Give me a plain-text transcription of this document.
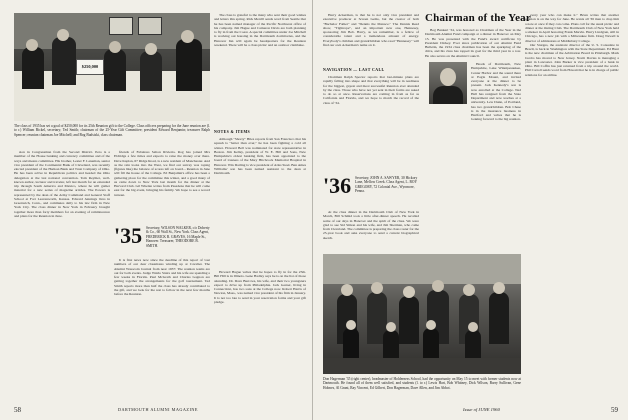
$250,000
The class of 1935 has set a goal of $250,000 for its 25th Reunion gift to the College. Class officers preparing for the June reunion are (l. to r.) William Bickel, secretary; Ted Smith; chairman of the 25-Year Gift Committee; president Edward Benjamin; treasurer Ralph Spencer; reunion chairman Joe Mitchell; and Bog Budsiski, class chairman.

sion in Congressman from the Second District. Pero is a member of the House banking and currency committee and of the ways and means committee. His brother, Lester F. Laneman, senior vice president of the Continental Bank of Cleveland, was recently elected president of the Hudson Bank and Trust Company of Ohio. He has been active in Republican politics and headed the Ohio delegation at the last national convention. Tom Reymer, well-known author, lecturer and traveler, left last month for an extended trip through South America and Mexico, where he will gather material for a new series of magazine articles. The Powers is represented by the dean of the Army Command and General Staff School at Fort Leavenworth, Kansas. Edward Jennings lives in Greenwich, Conn., and commutes daily to his law firm in New York City. The class dinner in New York in February brought together more than forty members for an evening of reminiscence and plans for the Reunion in June.

friends of Fabulous Salton Rivieria. Rog has joined Mrs Eldridge a few times and expects to raise the money over there. Dave Kaplan, 67 Ridge Road, is a new resident of Manchester. And as the rain looks into the West, we find our survey was roping (figures like) the balance of scores left on board... Reunion in June will fill the house of the College. Ed Benjamin's office has been a gathering place for the committee this winter, and a good many of us came down to New York last month for the dinner at the Harvard Club. Gil Whelan writes from Pasadena that he will come east for the big event, bringing his family. We hope to see a record turnout.

'35 Secretary, WILSON WALKER, c/o Doherty & Co., 60 Wall St., New York. Class Agent, FREDERICK R. GRAVES, 16 Maple St., Hanover. Treasurer, THEODORE B. SMITH.

It is first news now since the deadline of this report of vast numbers of our dear classmates winding up at Cavalier. The Alumni Wasacoin Journal from near 1937: The reunion teams are out for both events. Judge Waldo Stairs and his wife are spending a few weeks in Florida. Paul McGrath and Charles Gagnon are getting together the arrangements for the golf tournament. Ted Smith reports more than half the class has already contributed to the gift, and we look for the rest to follow in the next few months before the Reunion.

The class is grateful to the many who sent their good wishes and letters this spring. Rick Merrill sends word from Seattle that he has been named manager of the Pacific Northwest office of his company. Jim Hague and Cameron Davis are both planning to fly in from the Coast. A special committee under Joe Mitchell is working out housing in the Dartmouth dormitories, and the Hanover Inn will again be headquarters for the Reunion weekend. There will be a class picnic and an outdoor clambake.

NOTES & ITEMS

Although "Shorty" Biles reports from San Francisco that his squash is "better than ever," he has been fighting a cold all winter. Howard Bell was nominated for state representative in Boston. Jim Kelley, president of W. E. Hill and Sons, New Hampshire's oldest banking firm, has been appointed to the board of trustees of the Mary Hitchcock Memorial Hospital in Hanover. Win Darling is vice president of Atlas Steel. Ben Ames Williams' son has been named assistant to the dean at Dartmouth.

Howard Hague writes that he hopes to fly in for the 25th. Bill Hill is in Illinois. Gene Hadley says he is on the list of those attending. Dr. Dave Burrows, his wife, and their two youngsters expect to drive up from Philadelphia. Jack Garner, living in Connecticut, has two sons at the College now. Robert Harris of Newton, Mass., was named vice president of his firm in January. It is not too late to send in your reservation forms and your gift pledge.

58	DARTMOUTH ALUMNI MAGAZINE

Harry Ackerman, is that he is not only vice president and executive producer at Screen Gems, but the creator of both "Bachelor Father" and "Dennis the Menace." The Dennis Reed show, "Tightrope", and an important new one, Hennesey, sponsoring Jim Bob. Harry, as we remember, is a fellow of considerable talent and a tremendous amount of energy. Everybody's children and grandchildren who read "Hennesey" will find our own Ackerman's name on it.

NAVIGATION — LAST CALL

Chairman Ralph Spector reports that last-minute plans are rapidly falling into shape and that everything will be in readiness for the biggest, gayest and most successful Reunion ever attended by the class. Those who have not yet sent in their forms are asked to do so at once. Reservations are coming in from as far as California and Florida, and we hope to match the record of the class of '34.

Chairman of the Year

Bog Bankert '34, was honored as Chairman of the Year in the Dartmouth Alumni Fund campaign at a dinner in Hanover on May 15. He was presented with the Fund's award certificate by President Dickey. Ever since publication of our Alumni Fund Bulletin, the 1934 class chairman has been the sparkplug of the drive, and his class has topped its goal for the third year in a row. He also serves on the Alumni Council.

Heads of Dartmouth, New Hampshire, Lake Winnipesaukee, Center Harbor and the sound there at Eagle Mount, and invited everyone at the dinner to be present. Jack Kennedy's son is now enrolled at the College. Ned Hall has resigned from the State Department and now teaches at a university. Lew Dunn, of Portland, has two grandchildren. Bob Chase is in the insurance business in Hartford and writes that he is looking forward to the big reunion.

'36 Secretary, JOHN A. SAWYER, 30 Hickory Lane, Mellow Creek. Class Agent, L. BOY GREGORY, 72 Colonial Ave., Wyomore, Penna.

At the class dinner in the Dartmouth Club of New York in March, Bill Schmid took a little after-dinner speech. He recalled some of our days in Hanover and the spirit of the class. We were glad to see Sid Simon and his wife, and Jim Sherman, who came from Cleveland. The committee is preparing the class roster for the 25-year book and asks everyone to send a current biographical sketch.

every year who can make it." Brian writes that another reunion is on the way for June. He wants all '36 men to drop him a note at once if they can come. Plans call for the usual picnic and dinner at the Outing Club. The Dartmouth Club of New York held a smoker in April honoring Frank Marvin. Harry Lindgren, still in Chicago, has a new job with a Milwaukee firm. Doug Newell is director of admissions at Middlebury College.

Our Sturges, the assistant director of the U. S. Consulate in Brazil, is back in Washington with the State Department. Ed Hunt is the new chairman of the Arbitration Board in Pittsburgh. Mark Jacobs has moved to New Jersey. Norm Davies is managing a plant in Lancaster. John Barker is vice president of a bank in Ohio. Bill Coffin has just returned from a trip around the world. Phil Carroll sends word from Hawaii that he is in charge of public relations for an airline.

Don Hagerman '35 (right center), headmaster of Holderness School, had the opportunity on May 15 to meet with former students now at Dartmouth. He found all of them well satisfied, and students (l. to r.) Lewis Hart, Bob Whitney, Dick Wilson, Barry Sullivan, Gene Holmes, Al Grant, Ray Vincent, Ed Gilbert, Don Hagerman, Dave Allen, and Jim Abbot.
Issue of JUNE 1960	59
